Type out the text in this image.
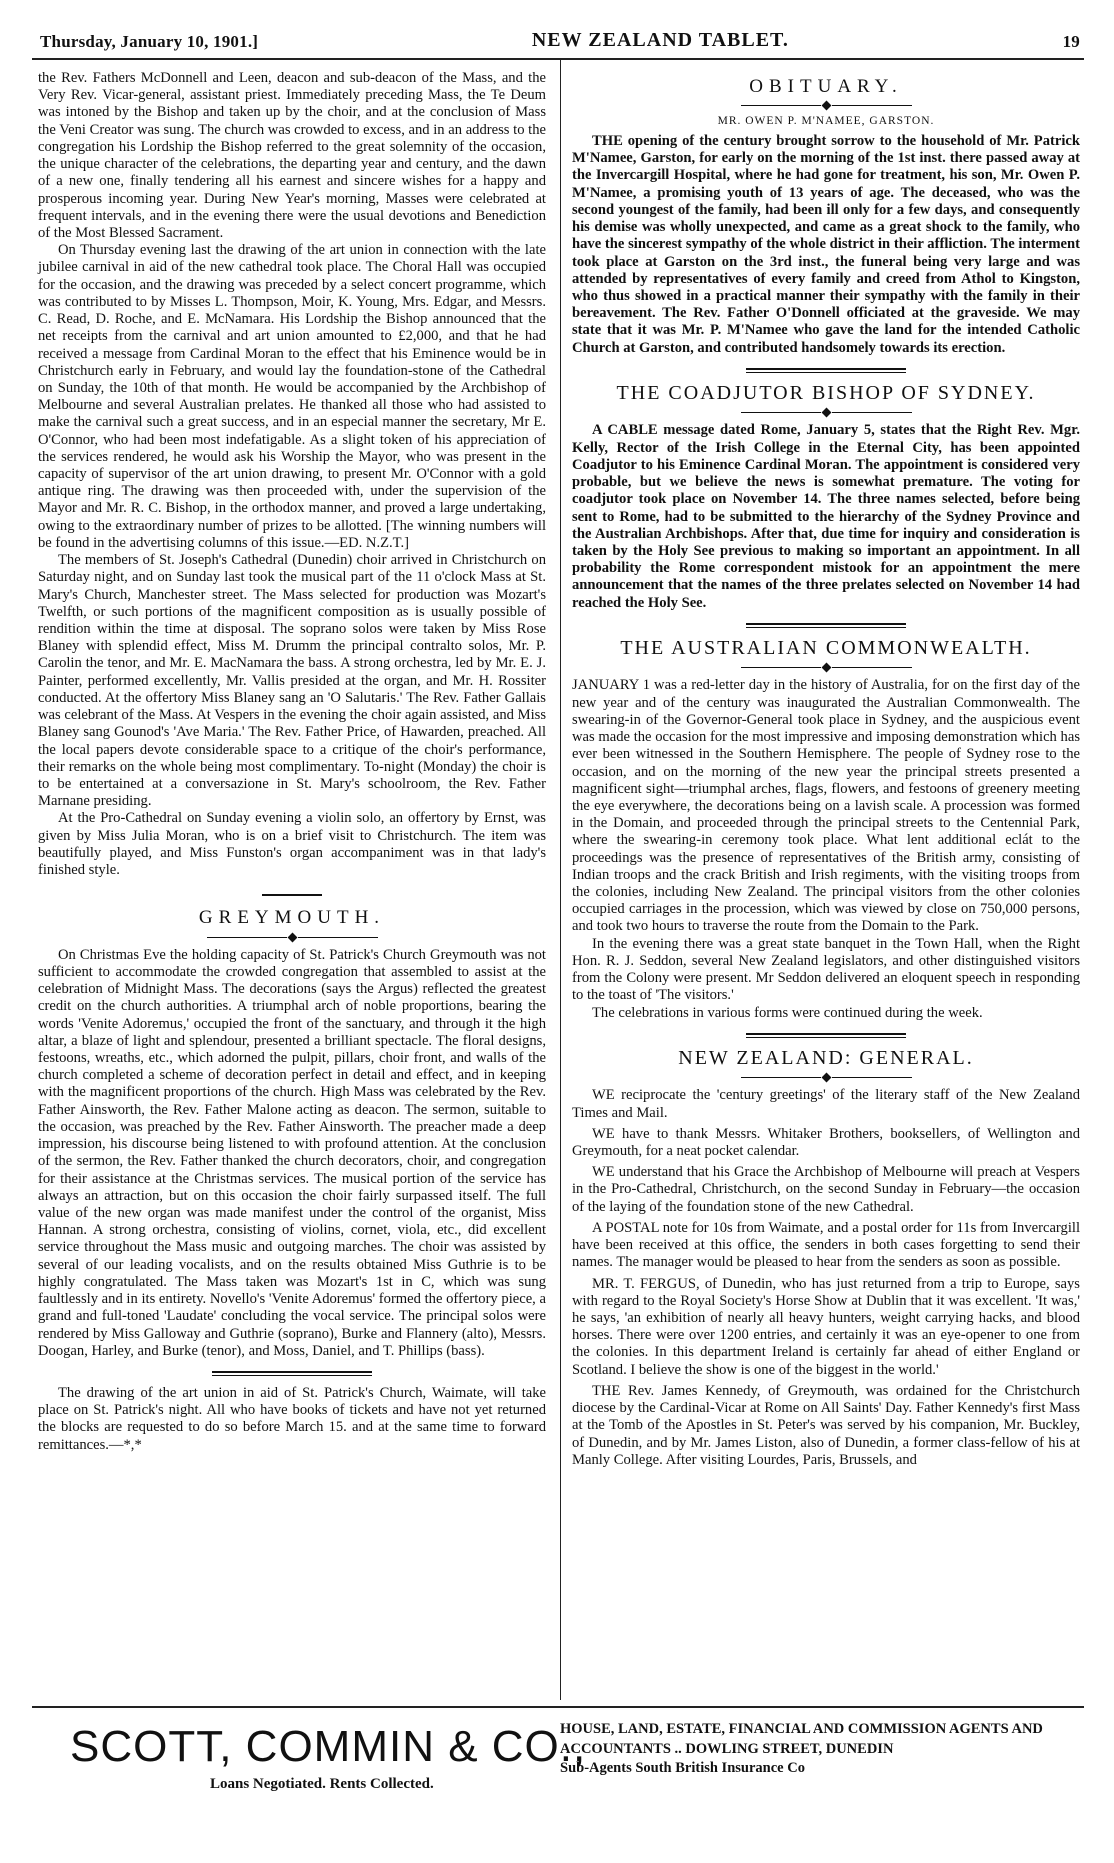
Thursday, January 10, 1901.]	NEW ZEALAND TABLET.	19

the Rev. Fathers McDonnell and Leen, deacon and sub-deacon of the Mass, and the Very Rev. Vicar-general, assistant priest. Immediately preceding Mass, the Te Deum was intoned by the Bishop and taken up by the choir, and at the conclusion of Mass the Veni Creator was sung. The church was crowded to excess, and in an address to the congregation his Lordship the Bishop referred to the great solemnity of the occasion, the unique character of the celebrations, the departing year and century, and the dawn of a new one, finally tendering all his earnest and sincere wishes for a happy and prosperous incoming year. During New Year's morning, Masses were celebrated at frequent intervals, and in the evening there were the usual devotions and Benediction of the Most Blessed Sacrament.

On Thursday evening last the drawing of the art union in connection with the late jubilee carnival in aid of the new cathedral took place. The Choral Hall was occupied for the occasion, and the drawing was preceded by a select concert programme, which was contributed to by Misses L. Thompson, Moir, K. Young, Mrs. Edgar, and Messrs. C. Read, D. Roche, and E. McNamara. His Lordship the Bishop announced that the net receipts from the carnival and art union amounted to £2,000, and that he had received a message from Cardinal Moran to the effect that his Eminence would be in Christchurch early in February, and would lay the foundation-stone of the Cathedral on Sunday, the 10th of that month. He would be accompanied by the Archbishop of Melbourne and several Australian prelates. He thanked all those who had assisted to make the carnival such a great success, and in an especial manner the secretary, Mr E. O'Connor, who had been most indefatigable. As a slight token of his appreciation of the services rendered, he would ask his Worship the Mayor, who was present in the capacity of supervisor of the art union drawing, to present Mr. O'Connor with a gold antique ring. The drawing was then proceeded with, under the supervision of the Mayor and Mr. R. C. Bishop, in the orthodox manner, and proved a large undertaking, owing to the extraordinary number of prizes to be allotted. [The winning numbers will be found in the advertising columns of this issue.—ED. N.Z.T.]

The members of St. Joseph's Cathedral (Dunedin) choir arrived in Christchurch on Saturday night, and on Sunday last took the musical part of the 11 o'clock Mass at St. Mary's Church, Manchester street. The Mass selected for production was Mozart's Twelfth, or such portions of the magnificent composition as is usually possible of rendition within the time at disposal. The soprano solos were taken by Miss Rose Blaney with splendid effect, Miss M. Drumm the principal contralto solos, Mr. P. Carolin the tenor, and Mr. E. MacNamara the bass. A strong orchestra, led by Mr. E. J. Painter, performed excellently, Mr. Vallis presided at the organ, and Mr. H. Rossiter conducted. At the offertory Miss Blaney sang an 'O Salutaris.' The Rev. Father Gallais was celebrant of the Mass. At Vespers in the evening the choir again assisted, and Miss Blaney sang Gounod's 'Ave Maria.' The Rev. Father Price, of Hawarden, preached. All the local papers devote considerable space to a critique of the choir's performance, their remarks on the whole being most complimentary. To-night (Monday) the choir is to be entertained at a conversazione in St. Mary's schoolroom, the Rev. Father Marnane presiding.

At the Pro-Cathedral on Sunday evening a violin solo, an offertory by Ernst, was given by Miss Julia Moran, who is on a brief visit to Christchurch. The item was beautifully played, and Miss Funston's organ accompaniment was in that lady's finished style.

GREYMOUTH.

On Christmas Eve the holding capacity of St. Patrick's Church Greymouth was not sufficient to accommodate the crowded congregation that assembled to assist at the celebration of Midnight Mass. The decorations (says the Argus) reflected the greatest credit on the church authorities. A triumphal arch of noble proportions, bearing the words 'Venite Adoremus,' occupied the front of the sanctuary, and through it the high altar, a blaze of light and splendour, presented a brilliant spectacle. The floral designs, festoons, wreaths, etc., which adorned the pulpit, pillars, choir front, and walls of the church completed a scheme of decoration perfect in detail and effect, and in keeping with the magnificent proportions of the church. High Mass was celebrated by the Rev. Father Ainsworth, the Rev. Father Malone acting as deacon. The sermon, suitable to the occasion, was preached by the Rev. Father Ainsworth. The preacher made a deep impression, his discourse being listened to with profound attention. At the conclusion of the sermon, the Rev. Father thanked the church decorators, choir, and congregation for their assistance at the Christmas services. The musical portion of the service has always an attraction, but on this occasion the choir fairly surpassed itself. The full value of the new organ was made manifest under the control of the organist, Miss Hannan. A strong orchestra, consisting of violins, cornet, viola, etc., did excellent service throughout the Mass music and outgoing marches. The choir was assisted by several of our leading vocalists, and on the results obtained Miss Guthrie is to be highly congratulated. The Mass taken was Mozart's 1st in C, which was sung faultlessly and in its entirety. Novello's 'Venite Adoremus' formed the offertory piece, a grand and full-toned 'Laudate' concluding the vocal service. The principal solos were rendered by Miss Galloway and Guthrie (soprano), Burke and Flannery (alto), Messrs. Doogan, Harley, and Burke (tenor), and Moss, Daniel, and T. Phillips (bass).

The drawing of the art union in aid of St. Patrick's Church, Waimate, will take place on St. Patrick's night. All who have books of tickets and have not yet returned the blocks are requested to do so before March 15. and at the same time to forward remittances.—*,*

OBITUARY.
MR. OWEN P. M'NAMEE, GARSTON.

THE opening of the century brought sorrow to the household of Mr. Patrick M'Namee, Garston, for early on the morning of the 1st inst. there passed away at the Invercargill Hospital, where he had gone for treatment, his son, Mr. Owen P. M'Namee, a promising youth of 13 years of age. The deceased, who was the second youngest of the family, had been ill only for a few days, and consequently his demise was wholly unexpected, and came as a great shock to the family, who have the sincerest sympathy of the whole district in their affliction. The interment took place at Garston on the 3rd inst., the funeral being very large and was attended by representatives of every family and creed from Athol to Kingston, who thus showed in a practical manner their sympathy with the family in their bereavement. The Rev. Father O'Donnell officiated at the graveside. We may state that it was Mr. P. M'Namee who gave the land for the intended Catholic Church at Garston, and contributed handsomely towards its erection.

THE COADJUTOR BISHOP OF SYDNEY.

A CABLE message dated Rome, January 5, states that the Right Rev. Mgr. Kelly, Rector of the Irish College in the Eternal City, has been appointed Coadjutor to his Eminence Cardinal Moran. The appointment is considered very probable, but we believe the news is somewhat premature. The voting for coadjutor took place on November 14. The three names selected, before being sent to Rome, had to be submitted to the hierarchy of the Sydney Province and the Australian Archbishops. After that, due time for inquiry and consideration is taken by the Holy See previous to making so important an appointment. In all probability the Rome correspondent mistook for an appointment the mere announcement that the names of the three prelates selected on November 14 had reached the Holy See.

THE AUSTRALIAN COMMONWEALTH.

JANUARY 1 was a red-letter day in the history of Australia, for on the first day of the new year and of the century was inaugurated the Australian Commonwealth. The swearing-in of the Governor-General took place in Sydney, and the auspicious event was made the occasion for the most impressive and imposing demonstration which has ever been witnessed in the Southern Hemisphere. The people of Sydney rose to the occasion, and on the morning of the new year the principal streets presented a magnificent sight—triumphal arches, flags, flowers, and festoons of greenery meeting the eye everywhere, the decorations being on a lavish scale. A procession was formed in the Domain, and proceeded through the principal streets to the Centennial Park, where the swearing-in ceremony took place. What lent additional eclát to the proceedings was the presence of representatives of the British army, consisting of Indian troops and the crack British and Irish regiments, with the visiting troops from the colonies, including New Zealand. The principal visitors from the other colonies occupied carriages in the procession, which was viewed by close on 750,000 persons, and took two hours to traverse the route from the Domain to the Park.

In the evening there was a great state banquet in the Town Hall, when the Right Hon. R. J. Seddon, several New Zealand legislators, and other distinguished visitors from the Colony were present. Mr Seddon delivered an eloquent speech in responding to the toast of 'The visitors.'

The celebrations in various forms were continued during the week.

NEW ZEALAND: GENERAL.

WE reciprocate the 'century greetings' of the literary staff of the New Zealand Times and Mail.

WE have to thank Messrs. Whitaker Brothers, booksellers, of Wellington and Greymouth, for a neat pocket calendar.

WE understand that his Grace the Archbishop of Melbourne will preach at Vespers in the Pro-Cathedral, Christchurch, on the second Sunday in February—the occasion of the laying of the foundation stone of the new Cathedral.

A POSTAL note for 10s from Waimate, and a postal order for 11s from Invercargill have been received at this office, the senders in both cases forgetting to send their names. The manager would be pleased to hear from the senders as soon as possible.

MR. T. FERGUS, of Dunedin, who has just returned from a trip to Europe, says with regard to the Royal Society's Horse Show at Dublin that it was excellent. 'It was,' he says, 'an exhibition of nearly all heavy hunters, weight carrying hacks, and blood horses. There were over 1200 entries, and certainly it was an eye-opener to one from the colonies. In this department Ireland is certainly far ahead of either England or Scotland. I believe the show is one of the biggest in the world.'

THE Rev. James Kennedy, of Greymouth, was ordained for the Christchurch diocese by the Cardinal-Vicar at Rome on All Saints' Day. Father Kennedy's first Mass at the Tomb of the Apostles in St. Peter's was served by his companion, Mr. Buckley, of Dunedin, and by Mr. James Liston, also of Dunedin, a former class-fellow of his at Manly College. After visiting Lourdes, Paris, Brussels, and

SCOTT, COMMIN & CO.,
Loans Negotiated. Rents Collected.
HOUSE, LAND, ESTATE, FINANCIAL AND COMMISSION AGENTS AND
ACCOUNTANTS .. DOWLING STREET, DUNEDIN
Sub-Agents South British Insurance Co
